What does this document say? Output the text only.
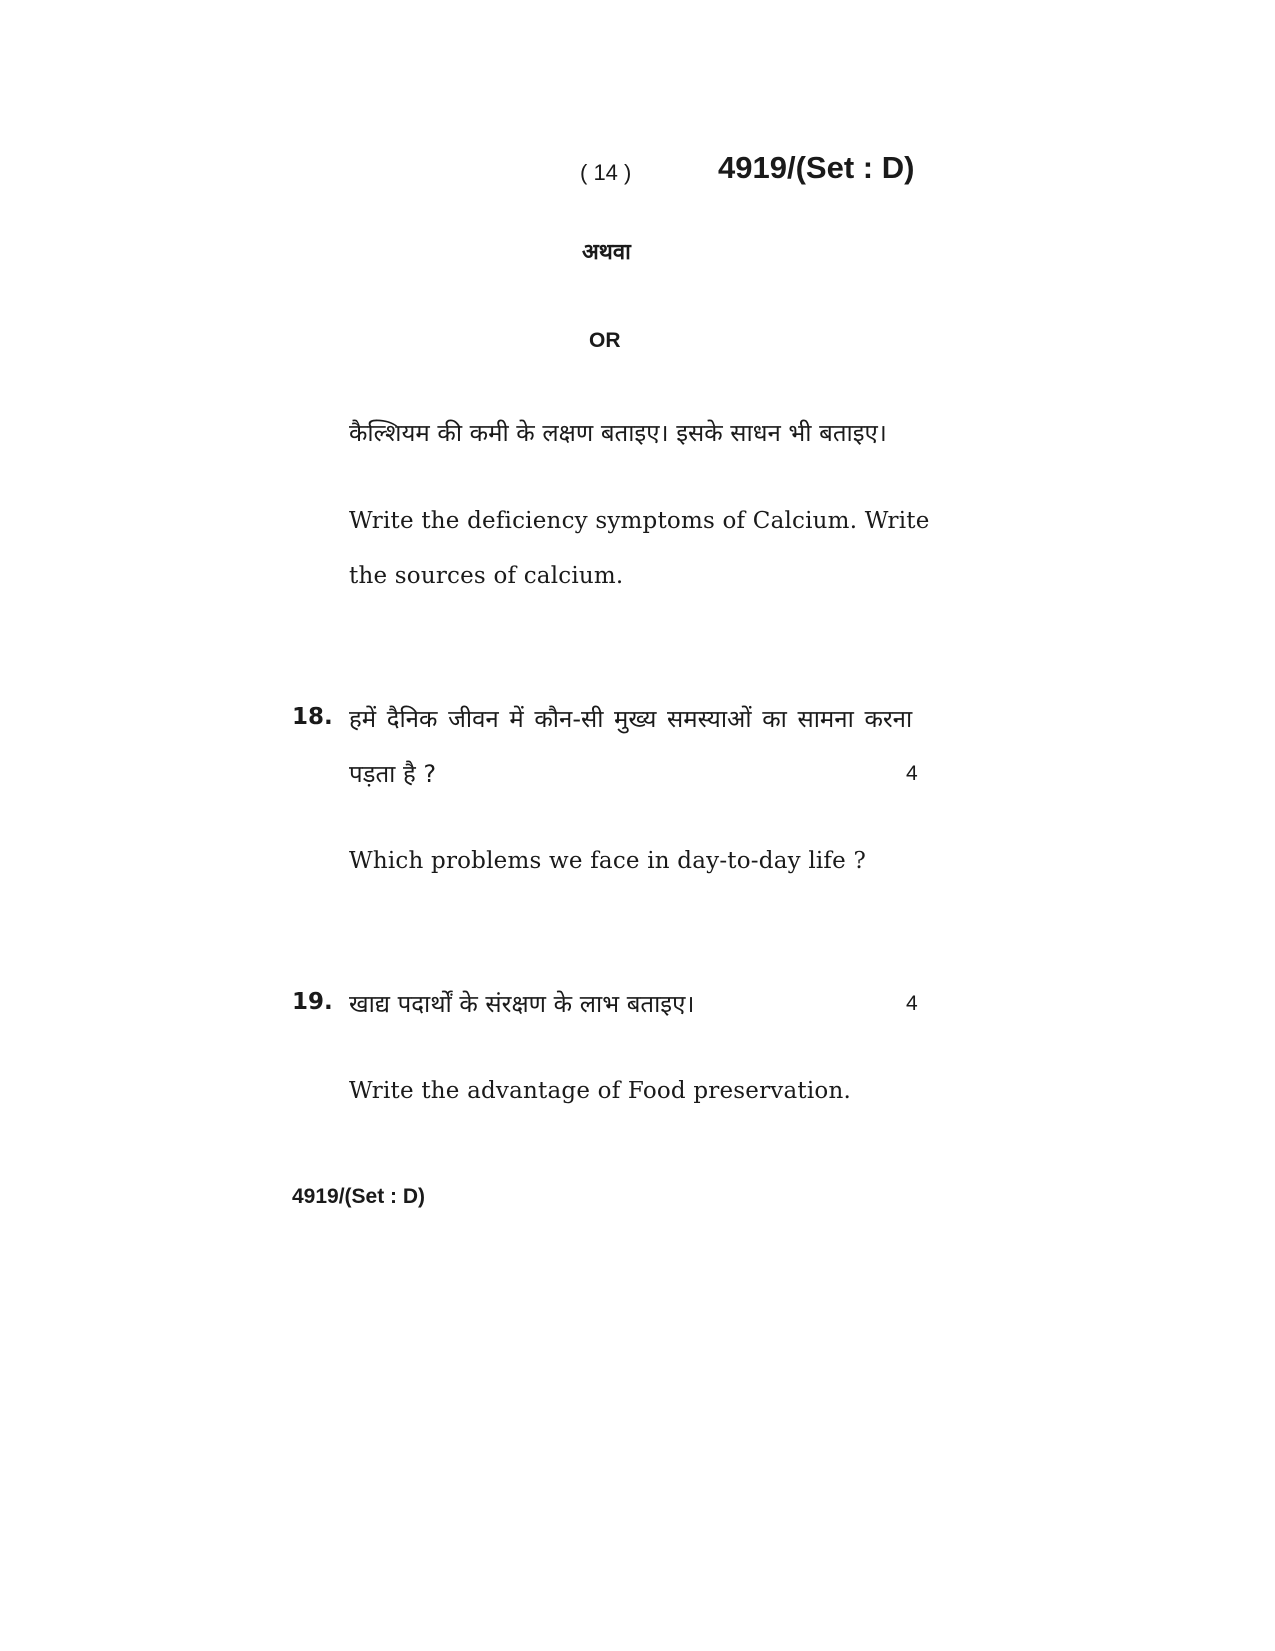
( 14 )	4919/(Set : D)
अथवा
OR
कैल्शियम की कमी के लक्षण बताइए। इसके साधन भी बताइए।
Write the deficiency symptoms of Calcium. Write
the sources of calcium.
18. हमें दैनिक जीवन में कौन-सी मुख्य समस्याओं का सामना करना
पड़ता है ?	4
Which problems we face in day-to-day life ?
19. खाद्य पदार्थों के संरक्षण के लाभ बताइए।	4
Write the advantage of Food preservation.
4919/(Set : D)
